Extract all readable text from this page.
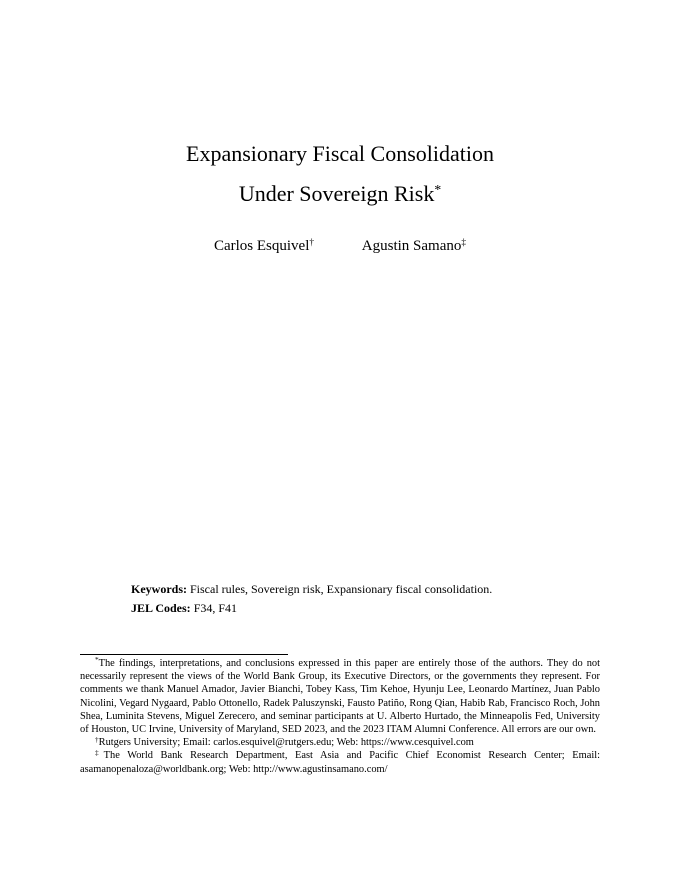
Expansionary Fiscal Consolidation
Under Sovereign Risk*
Carlos Esquivel†	Agustin Samano‡
Keywords: Fiscal rules, Sovereign risk, Expansionary fiscal consolidation.
JEL Codes: F34, F41

*The findings, interpretations, and conclusions expressed in this paper are entirely those of the authors. They do not necessarily represent the views of the World Bank Group, its Executive Directors, or the governments they represent. For comments we thank Manuel Amador, Javier Bianchi, Tobey Kass, Tim Kehoe, Hyunju Lee, Leonardo Martínez, Juan Pablo Nicolini, Vegard Nygaard, Pablo Ottonello, Radek Paluszynski, Fausto Patiño, Rong Qian, Habib Rab, Francisco Roch, John Shea, Luminita Stevens, Miguel Zerecero, and seminar participants at U. Alberto Hurtado, the Minneapolis Fed, University of Houston, UC Irvine, University of Maryland, SED 2023, and the 2023 ITAM Alumni Conference. All errors are our own.

†Rutgers University; Email: carlos.esquivel@rutgers.edu; Web: https://www.cesquivel.com

‡The World Bank Research Department, East Asia and Pacific Chief Economist Research Center; Email: asamanopenaloza@worldbank.org; Web: http://www.agustinsamano.com/
